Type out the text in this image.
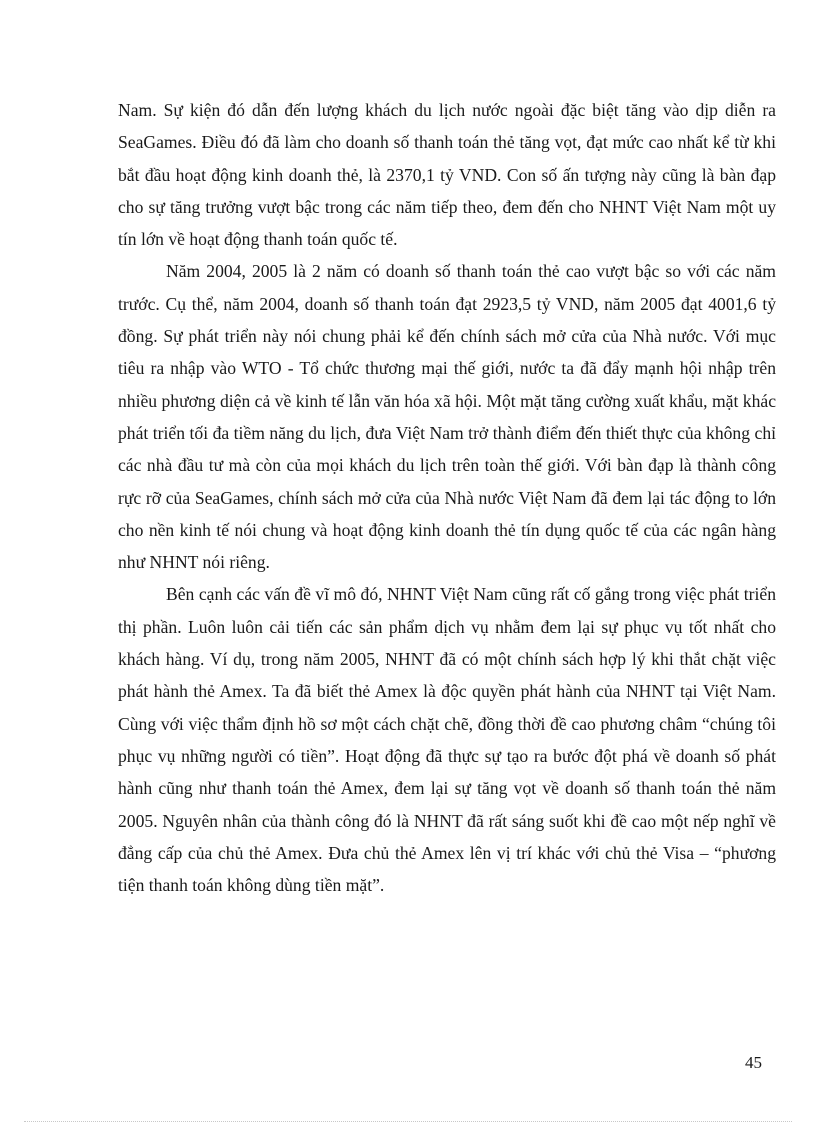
Nam. Sự kiện đó dẫn đến lượng khách du lịch nước ngoài đặc biệt tăng vào dịp diễn ra SeaGames. Điều đó đã làm cho doanh số thanh toán thẻ tăng vọt, đạt mức cao nhất kể từ khi bắt đầu hoạt động kinh doanh thẻ, là 2370,1 tỷ VND. Con số ấn tượng này cũng là bàn đạp cho sự tăng trưởng vượt bậc trong các năm tiếp theo, đem đến cho NHNT Việt Nam một uy tín lớn về hoạt động thanh toán quốc tế.

Năm 2004, 2005 là 2 năm có doanh số thanh toán thẻ cao vượt bậc so với các năm trước. Cụ thể, năm 2004, doanh số thanh toán đạt 2923,5 tỷ VND, năm 2005 đạt 4001,6 tỷ đồng. Sự phát triển này nói chung phải kể đến chính sách mở cửa của Nhà nước. Với mục tiêu ra nhập vào WTO - Tổ chức thương mại thế giới, nước ta đã đẩy mạnh hội nhập trên nhiều phương diện cả về kinh tế lẫn văn hóa xã hội. Một mặt tăng cường xuất khẩu, mặt khác phát triển tối đa tiềm năng du lịch, đưa Việt Nam trở thành điểm đến thiết thực của không chỉ các nhà đầu tư mà còn của mọi khách du lịch trên toàn thế giới. Với bàn đạp là thành công rực rỡ của SeaGames, chính sách mở cửa của Nhà nước Việt Nam đã đem lại tác động to lớn cho nền kinh tế nói chung và hoạt động kinh doanh thẻ tín dụng quốc tế của các ngân hàng như NHNT nói riêng.

Bên cạnh các vấn đề vĩ mô đó, NHNT Việt Nam cũng rất cố gắng trong việc phát triển thị phần. Luôn luôn cải tiến các sản phẩm dịch vụ nhằm đem lại sự phục vụ tốt nhất cho khách hàng. Ví dụ, trong năm 2005, NHNT đã có một chính sách hợp lý khi thắt chặt việc phát hành thẻ Amex. Ta đã biết thẻ Amex là độc quyền phát hành của NHNT tại Việt Nam. Cùng với việc thẩm định hồ sơ một cách chặt chẽ, đồng thời đề cao phương châm “chúng tôi phục vụ những người có tiền”. Hoạt động đã thực sự tạo ra bước đột phá về doanh số phát hành cũng như thanh toán thẻ Amex, đem lại sự tăng vọt về doanh số thanh toán thẻ năm 2005. Nguyên nhân của thành công đó là NHNT đã rất sáng suốt khi đề cao một nếp nghĩ về đẳng cấp của chủ thẻ Amex. Đưa chủ thẻ Amex lên vị trí khác với chủ thẻ Visa – “phương tiện thanh toán không dùng tiền mặt”.

45
